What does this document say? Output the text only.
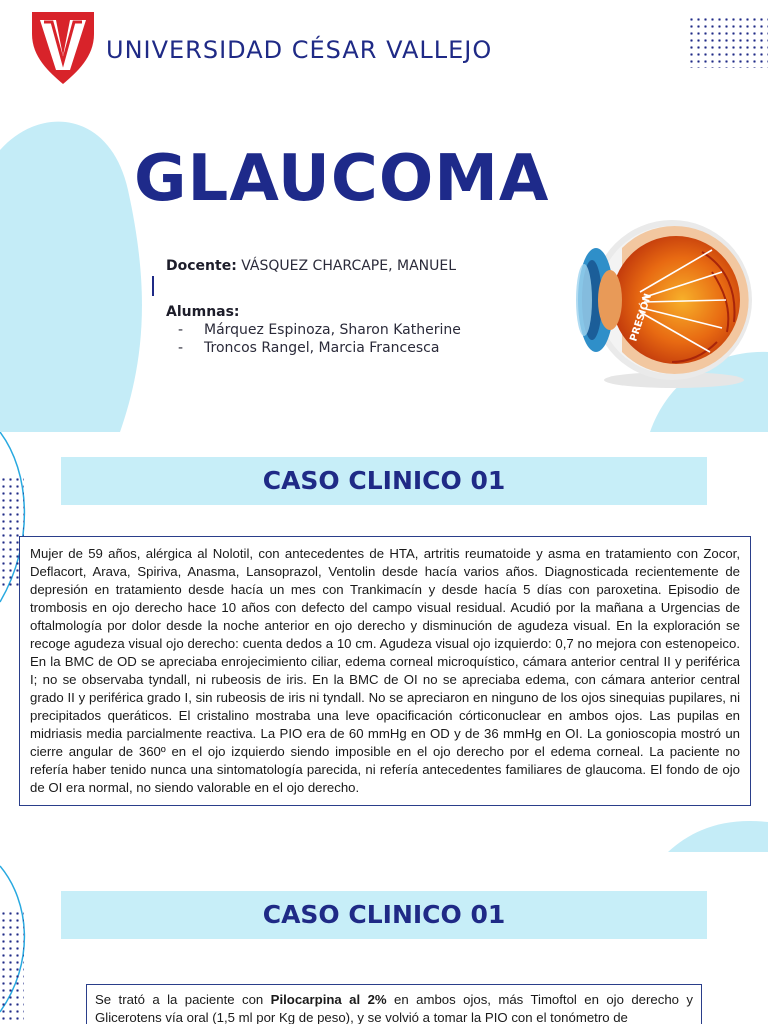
UNIVERSIDAD CÉSAR VALLEJO
GLAUCOMA
Docente: VÁSQUEZ CHARCAPE, MANUEL
Alumnas:
- Márquez Espinoza, Sharon Katherine
- Troncos Rangel, Marcia Francesca
PRESIÓN
CASO CLINICO 01
Mujer de 59 años, alérgica al Nolotil, con antecedentes de HTA, artritis reumatoide y asma en tratamiento con Zocor, Deflacort, Arava, Spiriva, Anasma, Lansoprazol, Ventolin desde hacía varios años. Diagnosticada recientemente de depresión en tratamiento desde hacía un mes con Trankimacín y desde hacía 5 días con paroxetina. Episodio de trombosis en ojo derecho hace 10 años con defecto del campo visual residual. Acudió por la mañana a Urgencias de oftalmología por dolor desde la noche anterior en ojo derecho y disminución de agudeza visual. En la exploración se recoge agudeza visual ojo derecho: cuenta dedos a 10 cm. Agudeza visual ojo izquierdo: 0,7 no mejora con estenopeico. En la BMC de OD se apreciaba enrojecimiento ciliar, edema corneal microquístico, cámara anterior central II y periférica I; no se observaba tyndall, ni rubeosis de iris. En la BMC de OI no se apreciaba edema, con cámara anterior central grado II y periférica grado I, sin rubeosis de iris ni tyndall. No se apreciaron en ninguno de los ojos sinequias pupilares, ni precipitados queráticos. El cristalino mostraba una leve opacificación córticonuclear en ambos ojos. Las pupilas en midriasis media parcialmente reactiva. La PIO era de 60 mmHg en OD y de 36 mmHg en OI. La gonioscopia mostró un cierre angular de 360º en el ojo izquierdo siendo imposible en el ojo derecho por el edema corneal. La paciente no refería haber tenido nunca una sintomatología parecida, ni refería antecedentes familiares de glaucoma. El fondo de ojo de OI era normal, no siendo valorable en el ojo derecho.
CASO CLINICO 01
Se trató a la paciente con Pilocarpina al 2% en ambos ojos, más Timoftol en ojo derecho y Glicerotens vía oral (1,5 ml por Kg de peso), y se volvió a tomar la PIO con el tonómetro de
